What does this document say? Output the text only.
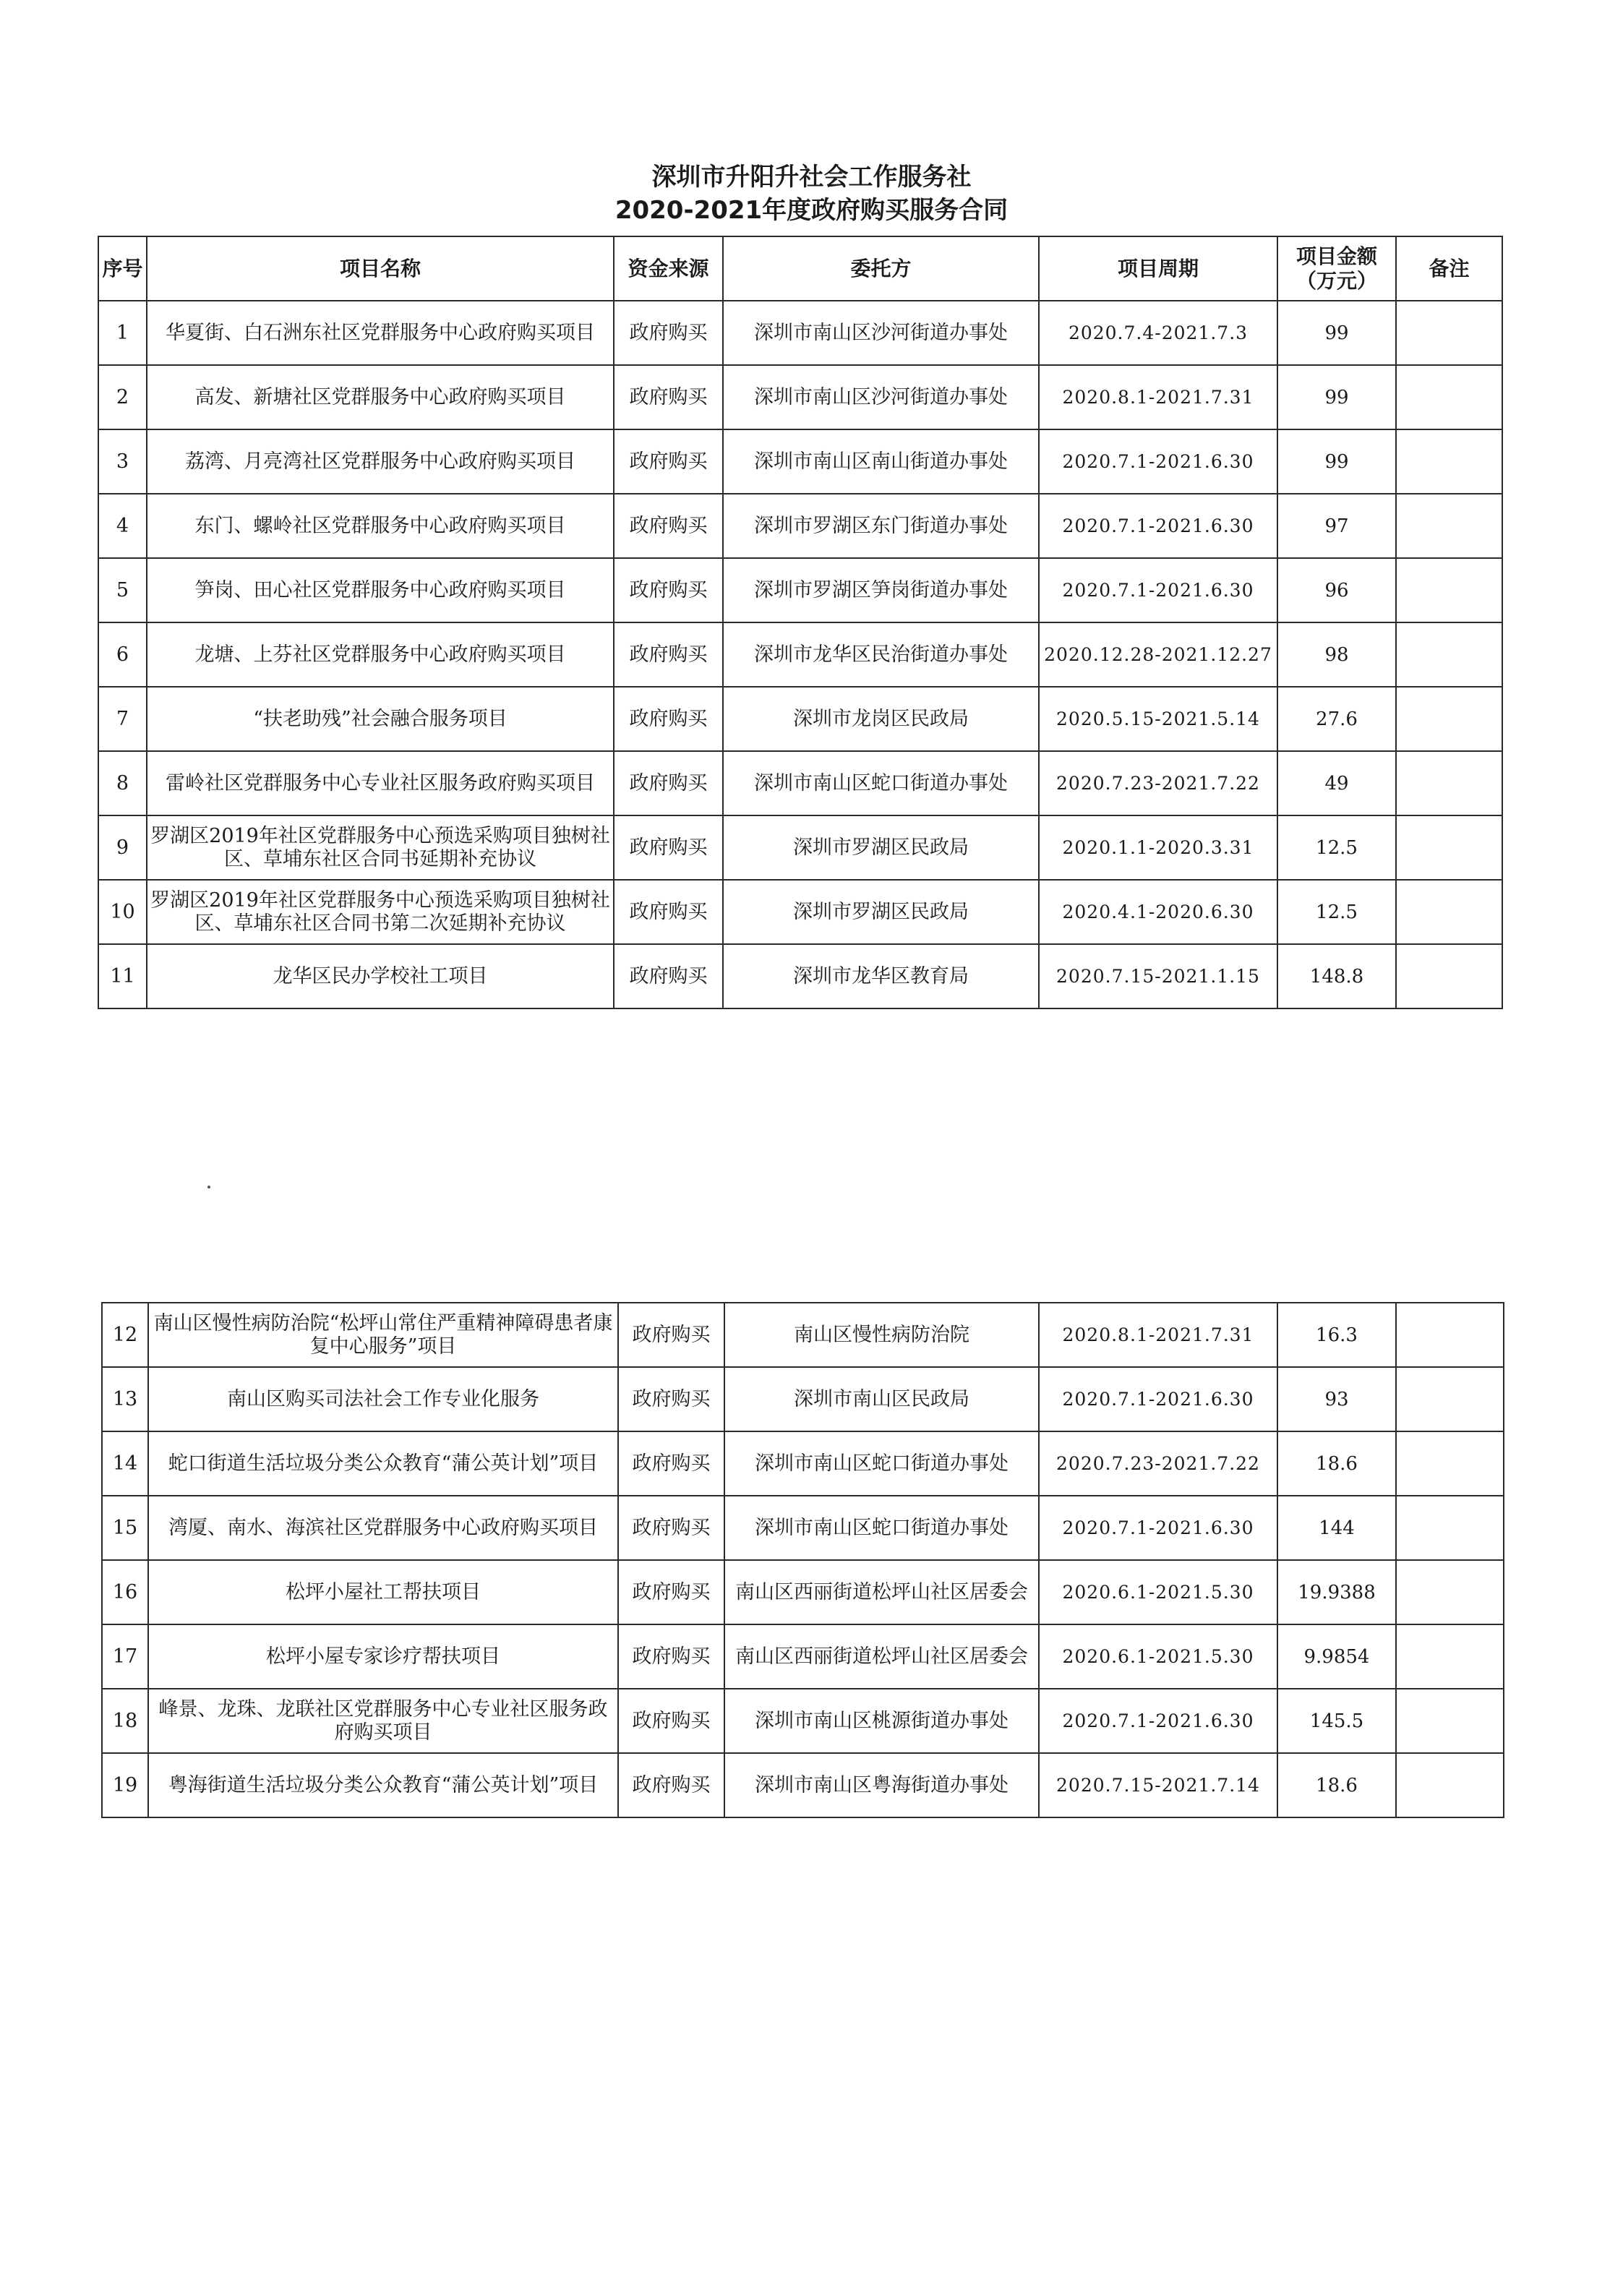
深圳市升阳升社会工作服务社
2020-2021年度政府购买服务合同
序号	项目名称	资金来源	委托方	项目周期	项目金额（万元）	备注
1	华夏街、白石洲东社区党群服务中心政府购买项目	政府购买	深圳市南山区沙河街道办事处	2020.7.4-2021.7.3	99	
2	高发、新塘社区党群服务中心政府购买项目	政府购买	深圳市南山区沙河街道办事处	2020.8.1-2021.7.31	99	
3	荔湾、月亮湾社区党群服务中心政府购买项目	政府购买	深圳市南山区南山街道办事处	2020.7.1-2021.6.30	99	
4	东门、螺岭社区党群服务中心政府购买项目	政府购买	深圳市罗湖区东门街道办事处	2020.7.1-2021.6.30	97	
5	笋岗、田心社区党群服务中心政府购买项目	政府购买	深圳市罗湖区笋岗街道办事处	2020.7.1-2021.6.30	96	
6	龙塘、上芬社区党群服务中心政府购买项目	政府购买	深圳市龙华区民治街道办事处	2020.12.28-2021.12.27	98	
7	“扶老助残”社会融合服务项目	政府购买	深圳市龙岗区民政局	2020.5.15-2021.5.14	27.6	
8	雷岭社区党群服务中心专业社区服务政府购买项目	政府购买	深圳市南山区蛇口街道办事处	2020.7.23-2021.7.22	49	
9	罗湖区2019年社区党群服务中心预选采购项目独树社区、草埔东社区合同书延期补充协议	政府购买	深圳市罗湖区民政局	2020.1.1-2020.3.31	12.5	
10	罗湖区2019年社区党群服务中心预选采购项目独树社区、草埔东社区合同书第二次延期补充协议	政府购买	深圳市罗湖区民政局	2020.4.1-2020.6.30	12.5	
11	龙华区民办学校社工项目	政府购买	深圳市龙华区教育局	2020.7.15-2021.1.15	148.8	
12	南山区慢性病防治院“松坪山常住严重精神障碍患者康复中心服务”项目	政府购买	南山区慢性病防治院	2020.8.1-2021.7.31	16.3	
13	南山区购买司法社会工作专业化服务	政府购买	深圳市南山区民政局	2020.7.1-2021.6.30	93	
14	蛇口街道生活垃圾分类公众教育“蒲公英计划”项目	政府购买	深圳市南山区蛇口街道办事处	2020.7.23-2021.7.22	18.6	
15	湾厦、南水、海滨社区党群服务中心政府购买项目	政府购买	深圳市南山区蛇口街道办事处	2020.7.1-2021.6.30	144	
16	松坪小屋社工帮扶项目	政府购买	南山区西丽街道松坪山社区居委会	2020.6.1-2021.5.30	19.9388	
17	松坪小屋专家诊疗帮扶项目	政府购买	南山区西丽街道松坪山社区居委会	2020.6.1-2021.5.30	9.9854	
18	峰景、龙珠、龙联社区党群服务中心专业社区服务政府购买项目	政府购买	深圳市南山区桃源街道办事处	2020.7.1-2021.6.30	145.5	
19	粤海街道生活垃圾分类公众教育“蒲公英计划”项目	政府购买	深圳市南山区粤海街道办事处	2020.7.15-2021.7.14	18.6	
